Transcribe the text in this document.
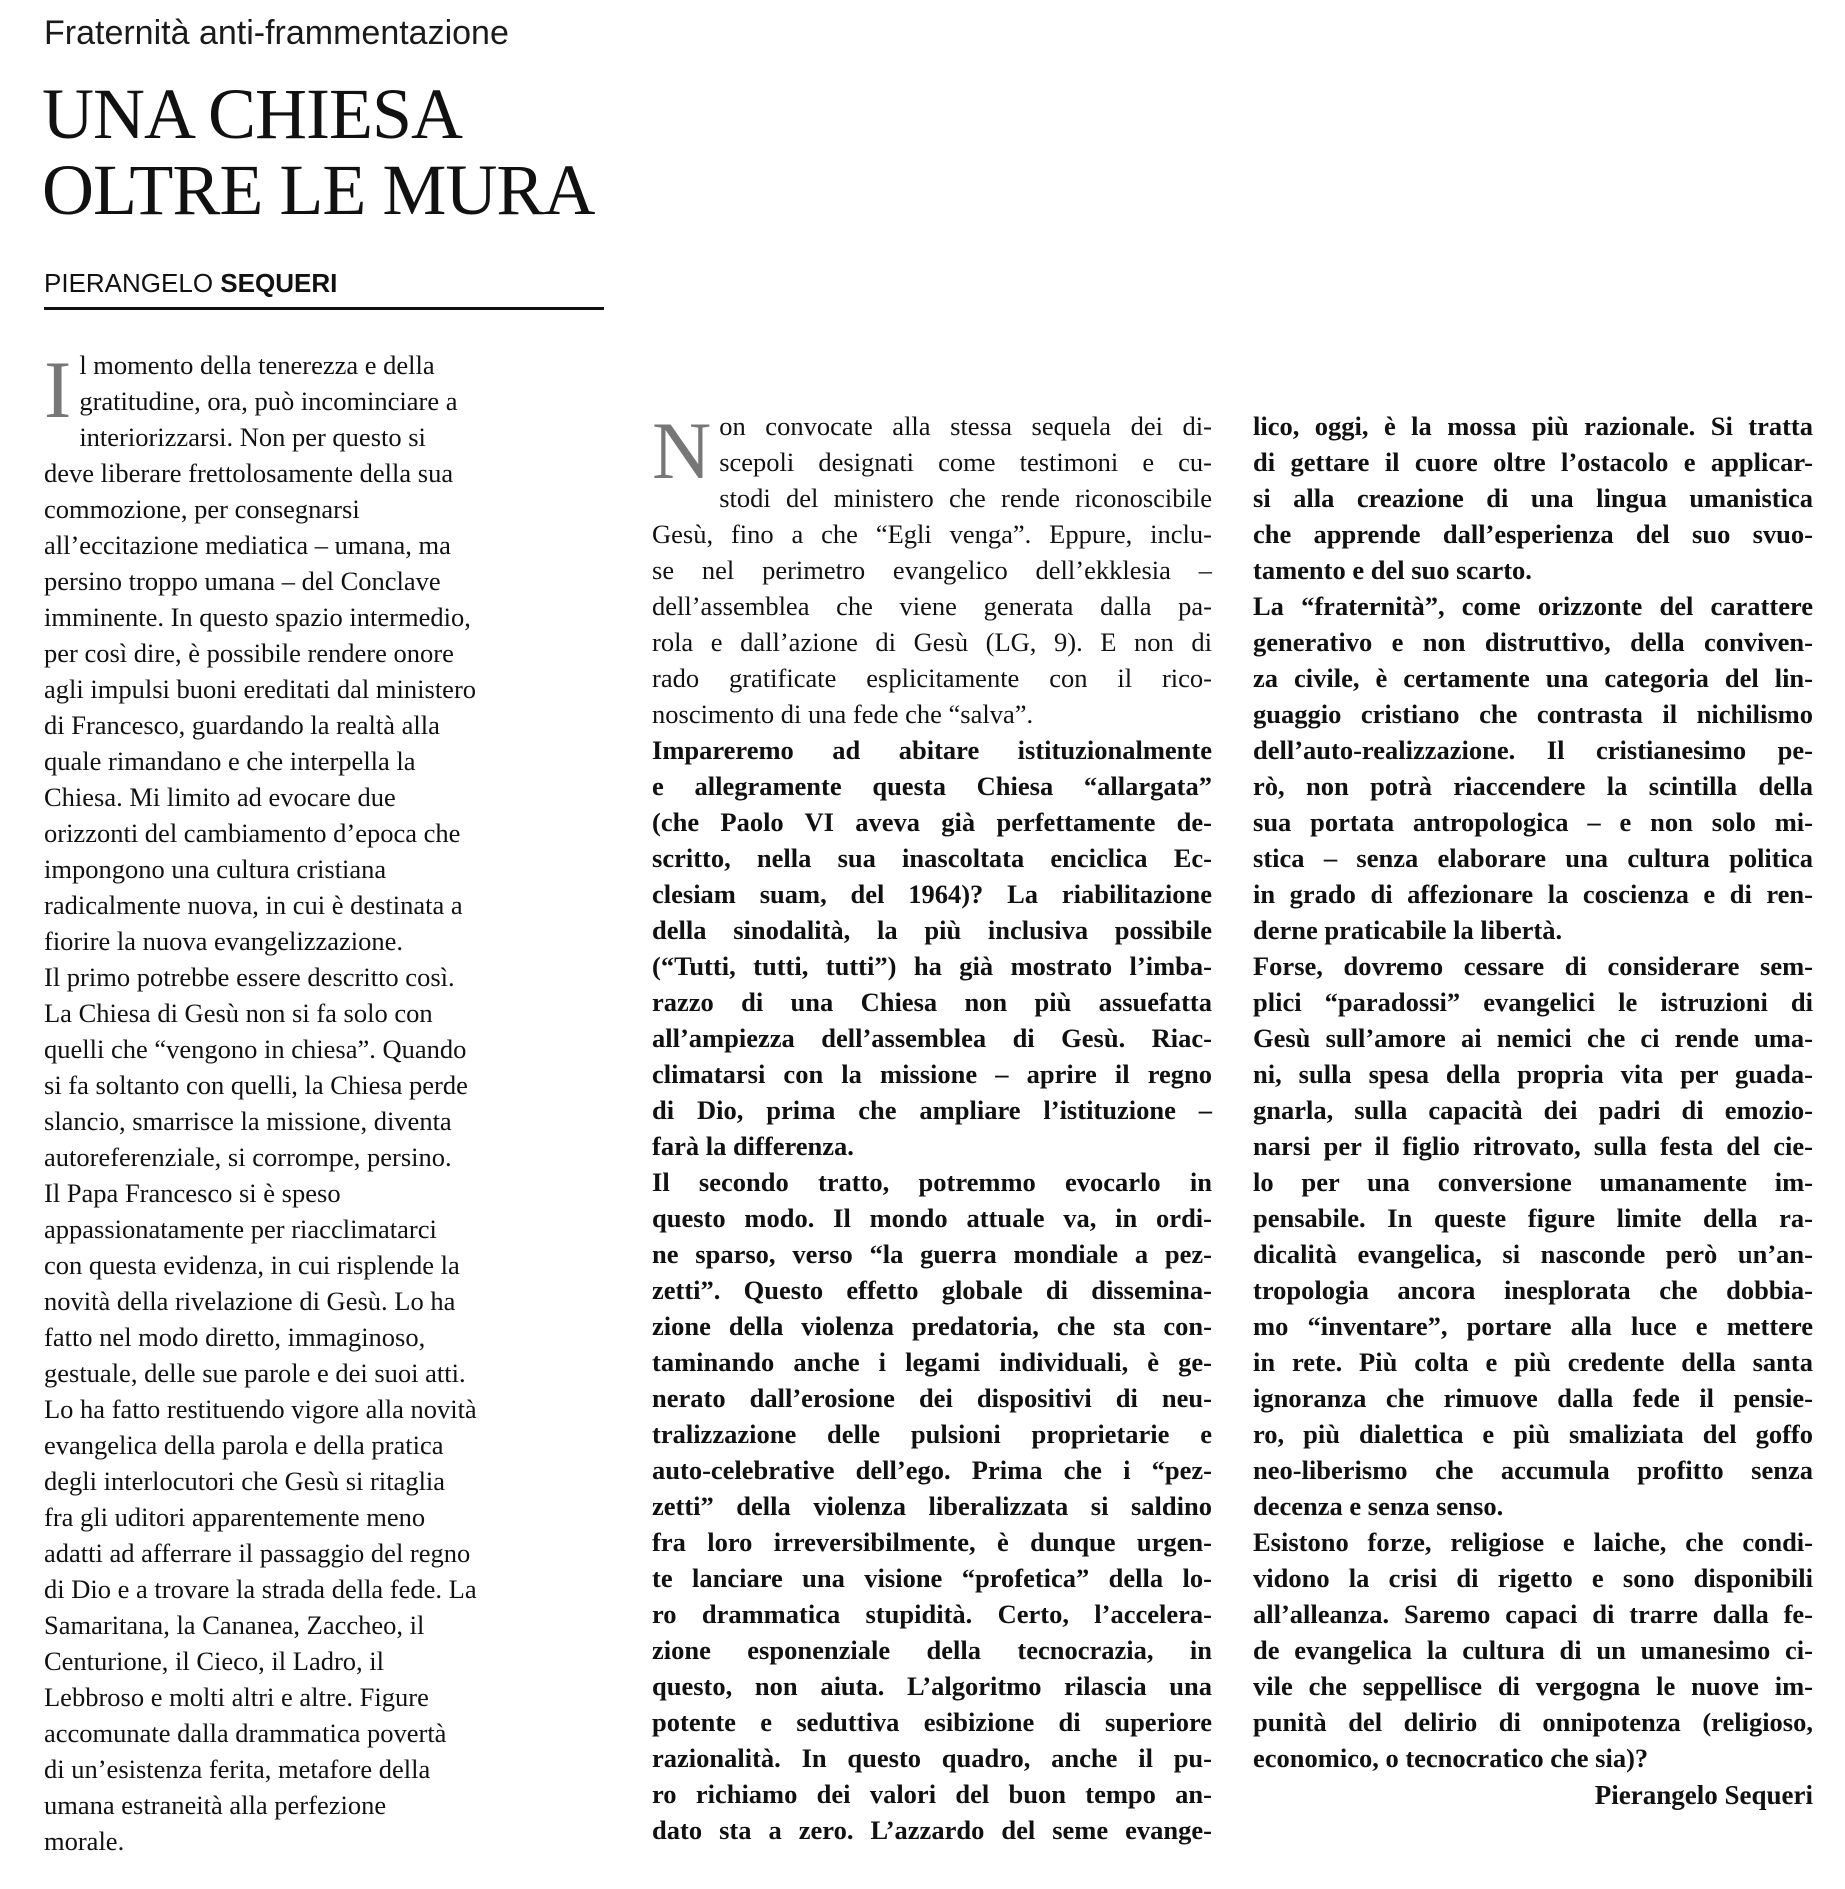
Fraternità anti-frammentazione
UNA CHIESA
OLTRE LE MURA
PIERANGELO SEQUERI
I l momento della tenerezza e della
gratitudine, ora, può incominciare a
interiorizzarsi. Non per questo si
deve liberare frettolosamente della sua
commozione, per consegnarsi
all’eccitazione mediatica – umana, ma
persino troppo umana – del Conclave
imminente. In questo spazio intermedio,
per così dire, è possibile rendere onore
agli impulsi buoni ereditati dal ministero
di Francesco, guardando la realtà alla
quale rimandano e che interpella la
Chiesa. Mi limito ad evocare due
orizzonti del cambiamento d’epoca che
impongono una cultura cristiana
radicalmente nuova, in cui è destinata a
fiorire la nuova evangelizzazione.
Il primo potrebbe essere descritto così.
La Chiesa di Gesù non si fa solo con
quelli che “vengono in chiesa”. Quando
si fa soltanto con quelli, la Chiesa perde
slancio, smarrisce la missione, diventa
autoreferenziale, si corrompe, persino.
Il Papa Francesco si è speso
appassionatamente per riacclimatarci
con questa evidenza, in cui risplende la
novità della rivelazione di Gesù. Lo ha
fatto nel modo diretto, immaginoso,
gestuale, delle sue parole e dei suoi atti.
Lo ha fatto restituendo vigore alla novità
evangelica della parola e della pratica
degli interlocutori che Gesù si ritaglia
fra gli uditori apparentemente meno
adatti ad afferrare il passaggio del regno
di Dio e a trovare la strada della fede. La
Samaritana, la Cananea, Zaccheo, il
Centurione, il Cieco, il Ladro, il
Lebbroso e molti altri e altre. Figure
accomunate dalla drammatica povertà
di un’esistenza ferita, metafore della
umana estraneità alla perfezione
morale.
N on convocate alla stessa sequela dei di-
scepoli designati come testimoni e cu-
stodi del ministero che rende riconoscibile
Gesù, fino a che “Egli venga”. Eppure, inclu-
se nel perimetro evangelico dell’ekklesia –
dell’assemblea che viene generata dalla pa-
rola e dall’azione di Gesù (LG, 9). E non di
rado gratificate esplicitamente con il rico-
noscimento di una fede che “salva”.
Impareremo ad abitare istituzionalmente
e allegramente questa Chiesa “allargata”
(che Paolo VI aveva già perfettamente de-
scritto, nella sua inascoltata enciclica Ec-
clesiam suam, del 1964)? La riabilitazione
della sinodalità, la più inclusiva possibile
(“Tutti, tutti, tutti”) ha già mostrato l’imba-
razzo di una Chiesa non più assuefatta
all’ampiezza dell’assemblea di Gesù. Riac-
climatarsi con la missione – aprire il regno
di Dio, prima che ampliare l’istituzione –
farà la differenza.
Il secondo tratto, potremmo evocarlo in
questo modo. Il mondo attuale va, in ordi-
ne sparso, verso “la guerra mondiale a pez-
zetti”. Questo effetto globale di dissemina-
zione della violenza predatoria, che sta con-
taminando anche i legami individuali, è ge-
nerato dall’erosione dei dispositivi di neu-
tralizzazione delle pulsioni proprietarie e
auto-celebrative dell’ego. Prima che i “pez-
zetti” della violenza liberalizzata si saldino
fra loro irreversibilmente, è dunque urgen-
te lanciare una visione “profetica” della lo-
ro drammatica stupidità. Certo, l’accelera-
zione esponenziale della tecnocrazia, in
questo, non aiuta. L’algoritmo rilascia una
potente e seduttiva esibizione di superiore
razionalità. In questo quadro, anche il pu-
ro richiamo dei valori del buon tempo an-
dato sta a zero. L’azzardo del seme evange-
lico, oggi, è la mossa più razionale. Si tratta
di gettare il cuore oltre l’ostacolo e applicar-
si alla creazione di una lingua umanistica
che apprende dall’esperienza del suo svuo-
tamento e del suo scarto.
La “fraternità”, come orizzonte del carattere
generativo e non distruttivo, della conviven-
za civile, è certamente una categoria del lin-
guaggio cristiano che contrasta il nichilismo
dell’auto-realizzazione. Il cristianesimo pe-
rò, non potrà riaccendere la scintilla della
sua portata antropologica – e non solo mi-
stica – senza elaborare una cultura politica
in grado di affezionare la coscienza e di ren-
derne praticabile la libertà.
Forse, dovremo cessare di considerare sem-
plici “paradossi” evangelici le istruzioni di
Gesù sull’amore ai nemici che ci rende uma-
ni, sulla spesa della propria vita per guada-
gnarla, sulla capacità dei padri di emozio-
narsi per il figlio ritrovato, sulla festa del cie-
lo per una conversione umanamente im-
pensabile. In queste figure limite della ra-
dicalità evangelica, si nasconde però un’an-
tropologia ancora inesplorata che dobbia-
mo “inventare”, portare alla luce e mettere
in rete. Più colta e più credente della santa
ignoranza che rimuove dalla fede il pensie-
ro, più dialettica e più smaliziata del goffo
neo-liberismo che accumula profitto senza
decenza e senza senso.
Esistono forze, religiose e laiche, che condi-
vidono la crisi di rigetto e sono disponibili
all’alleanza. Saremo capaci di trarre dalla fe-
de evangelica la cultura di un umanesimo ci-
vile che seppellisce di vergogna le nuove im-
punità del delirio di onnipotenza (religioso,
economico, o tecnocratico che sia)?
Pierangelo Sequeri
